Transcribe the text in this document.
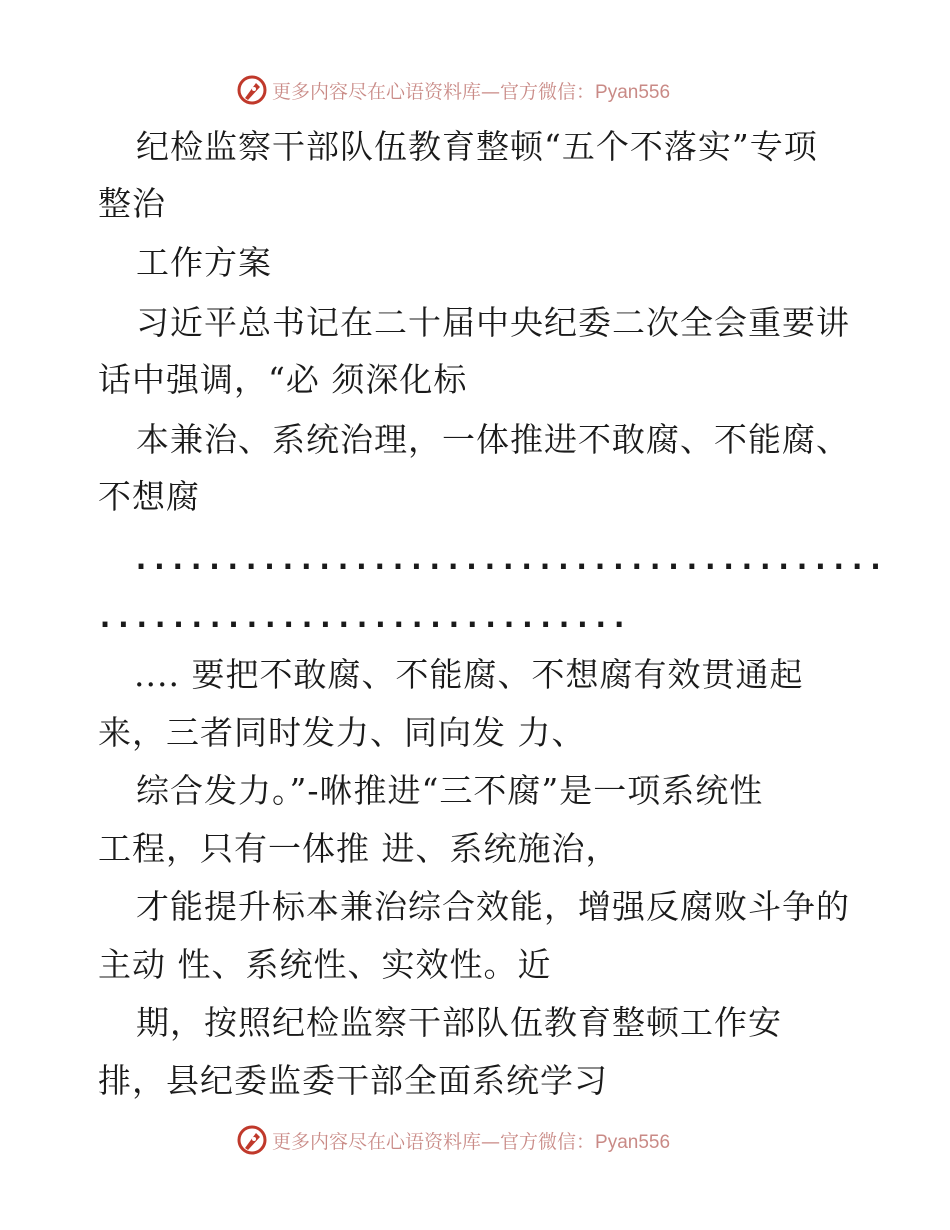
更多内容尽在心语资料库—官方微信：Pyan556
纪检监察干部队伍教育整顿“五个不落实”专项
整治
工作方案
习近平总书记在二十届中央纪委二次全会重要讲
话中强调，“必 须深化标
本兼治、系统治理，一体推进不敢腐、不能腐、
不想腐
.........................................
.............................
.... 要把不敢腐、不能腐、不想腐有效贯通起
来，三者同时发力、同向发 力、
综合发力。”-咻推进“三不腐”是一项系统性
工程，只有一体推 进、系统施治，
才能提升标本兼治综合效能，增强反腐败斗争的
主动 性、系统性、实效性。近
期，按照纪检监察干部队伍教育整顿工作安
排，县纪委监委干部全面系统学习
更多内容尽在心语资料库—官方微信：Pyan556
